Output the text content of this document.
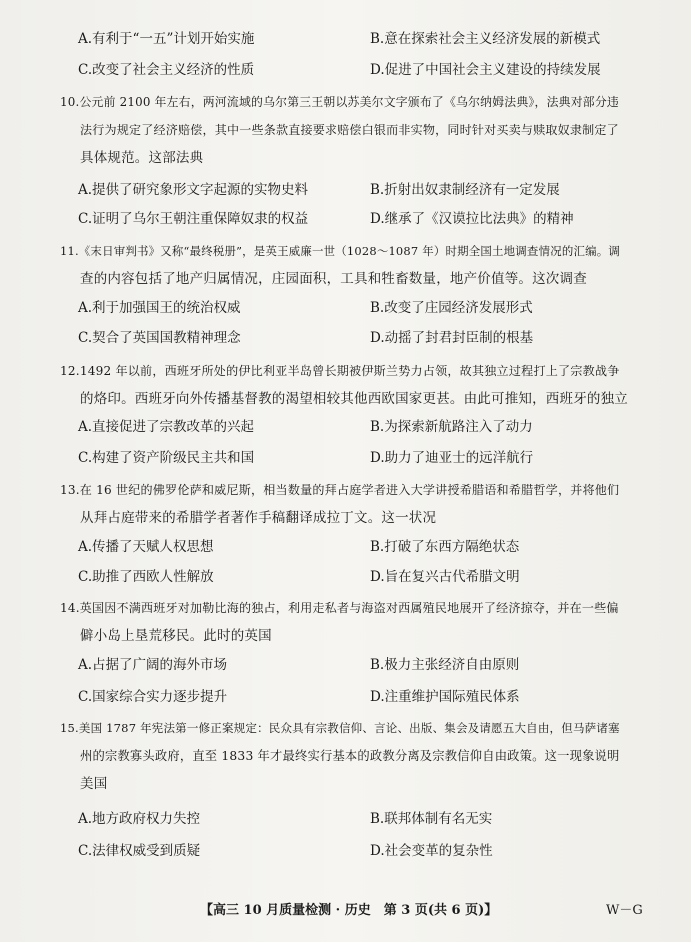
A.有利于“一五”计划开始实施	B.意在探索社会主义经济发展的新模式
C.改变了社会主义经济的性质	D.促进了中国社会主义建设的持续发展
10.公元前 2100 年左右，两河流域的乌尔第三王朝以苏美尔文字颁布了《乌尔纳姆法典》，法典对部分违
法行为规定了经济赔偿，其中一些条款直接要求赔偿白银而非实物，同时针对买卖与赎取奴隶制定了
具体规范。这部法典
A.提供了研究象形文字起源的实物史料	B.折射出奴隶制经济有一定发展
C.证明了乌尔王朝注重保障奴隶的权益	D.继承了《汉谟拉比法典》的精神
11.《末日审判书》又称“最终税册”，是英王威廉一世（1028～1087 年）时期全国土地调查情况的汇编。调
查的内容包括了地产归属情况，庄园面积，工具和牲畜数量，地产价值等。这次调查
A.利于加强国王的统治权威	B.改变了庄园经济发展形式
C.契合了英国国教精神理念	D.动摇了封君封臣制的根基
12.1492 年以前，西班牙所处的伊比利亚半岛曾长期被伊斯兰势力占领，故其独立过程打上了宗教战争
的烙印。西班牙向外传播基督教的渴望相较其他西欧国家更甚。由此可推知，西班牙的独立
A.直接促进了宗教改革的兴起	B.为探索新航路注入了动力
C.构建了资产阶级民主共和国	D.助力了迪亚士的远洋航行
13.在 16 世纪的佛罗伦萨和威尼斯，相当数量的拜占庭学者进入大学讲授希腊语和希腊哲学，并将他们
从拜占庭带来的希腊学者著作手稿翻译成拉丁文。这一状况
A.传播了天赋人权思想	B.打破了东西方隔绝状态
C.助推了西欧人性解放	D.旨在复兴古代希腊文明
14.英国因不满西班牙对加勒比海的独占，利用走私者与海盗对西属殖民地展开了经济掠夺，并在一些偏
僻小岛上垦荒移民。此时的英国
A.占据了广阔的海外市场	B.极力主张经济自由原则
C.国家综合实力逐步提升	D.注重维护国际殖民体系
15.美国 1787 年宪法第一修正案规定：民众具有宗教信仰、言论、出版、集会及请愿五大自由，但马萨诸塞
州的宗教寡头政府，直至 1833 年才最终实行基本的政教分离及宗教信仰自由政策。这一现象说明
美国
A.地方政府权力失控	B.联邦体制有名无实
C.法律权威受到质疑	D.社会变革的复杂性
【高三 10 月质量检测 · 历史　第 3 页(共 6 页)】	W－G
